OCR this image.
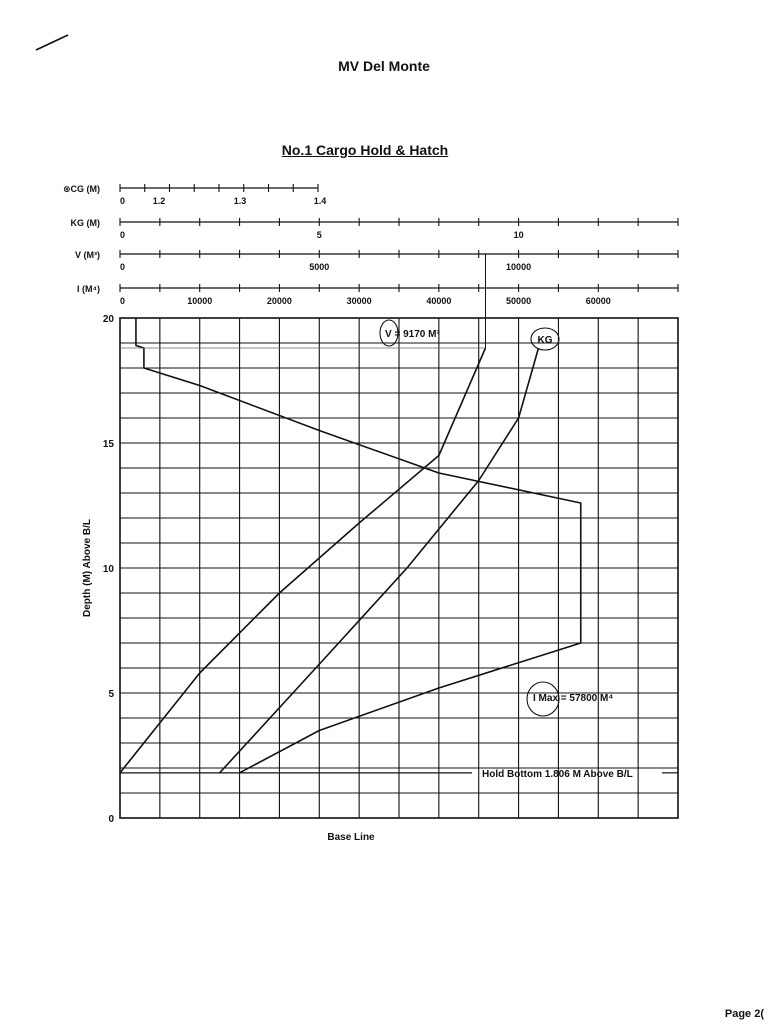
MV Del Monte
No.1 Cargo Hold & Hatch
Page 2(
0
5
10
15
20
Depth (M) Above B/L
Base Line
⊗CG (M)
0	1.2	1.3	1.4
KG (M)
0	5	10
V (M³)
0	5000	10000
I (M⁴)
0	10000	20000	30000	40000	50000	60000
V = 9170 M³
KG
I Max = 57800 M⁴
Hold Bottom 1.806 M Above B/L
